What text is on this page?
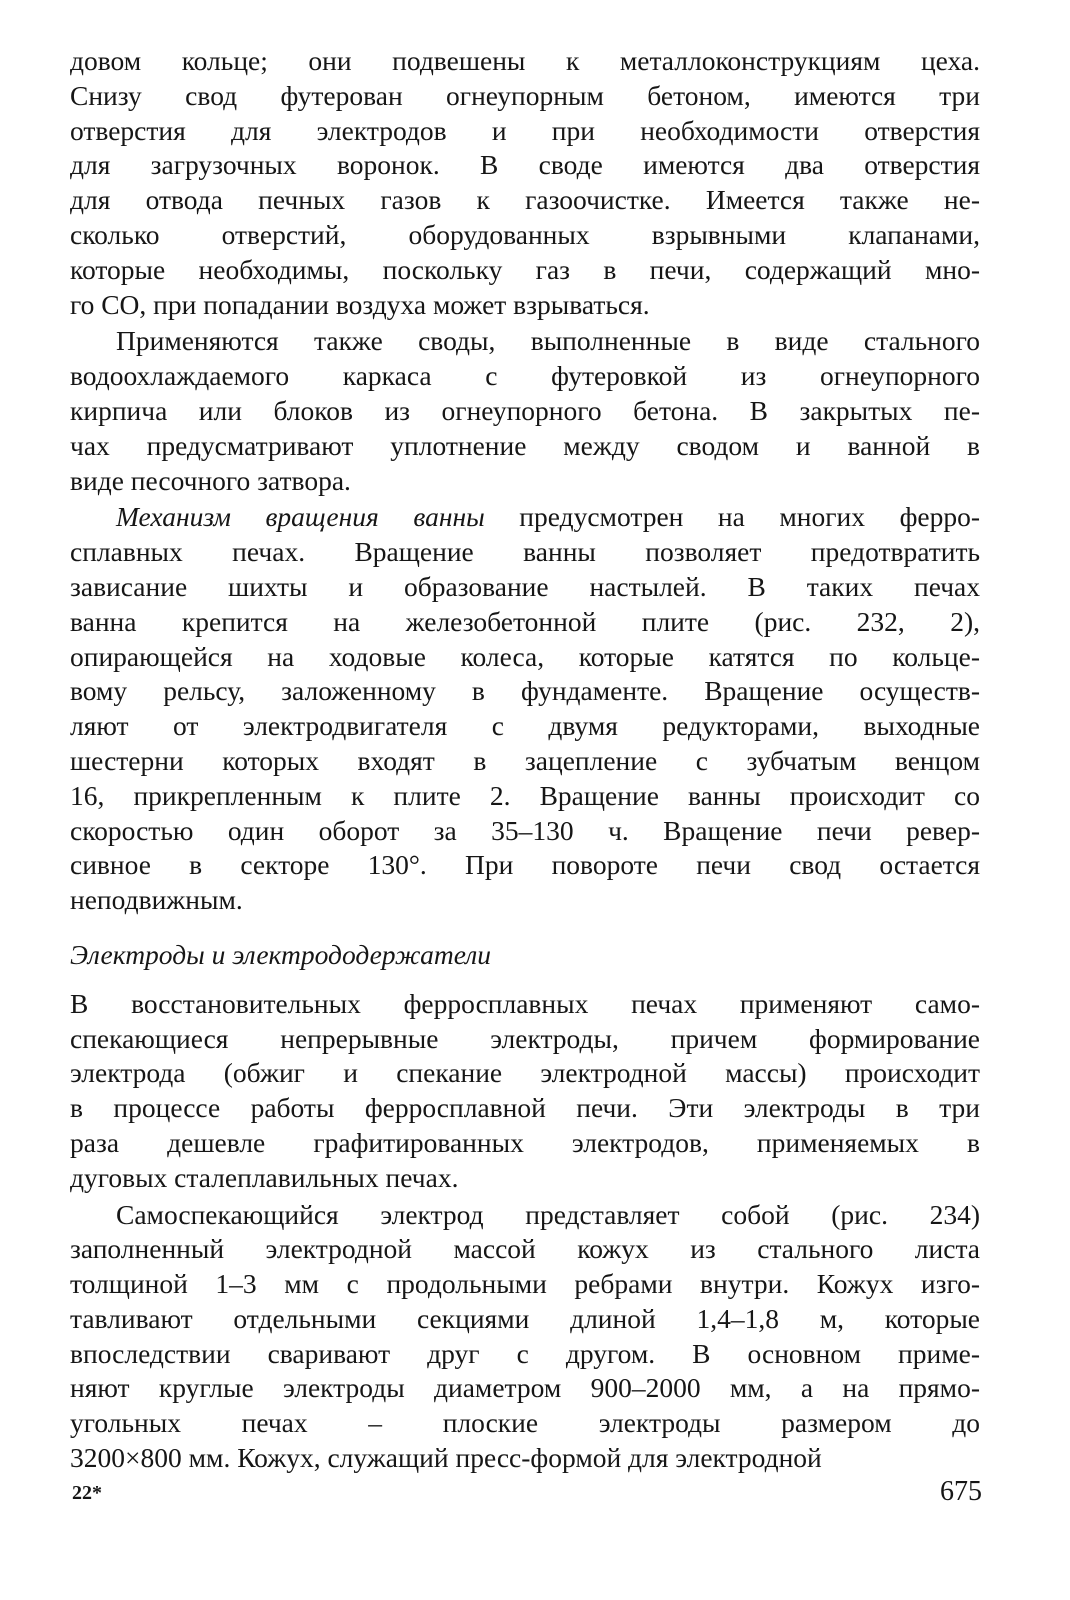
довом кольце; они подвешены к металлоконструкциям цеха.
Снизу свод футерован огнеупорным бетоном, имеются три
отверстия для электродов и при необходимости отверстия
для загрузочных воронок. В своде имеются два отверстия
для отвода печных газов к газоочистке. Имеется также не-
сколько отверстий, оборудованных взрывными клапанами,
которые необходимы, поскольку газ в печи, содержащий мно-
го СО, при попадании воздуха может взрываться.

Применяются также своды, выполненные в виде стального
водоохлаждаемого каркаса с футеровкой из огнеупорного
кирпича или блоков из огнеупорного бетона. В закрытых пе-
чах предусматривают уплотнение между сводом и ванной в
виде песочного затвора.

Механизм вращения ванны предусмотрен на многих ферро-
сплавных печах. Вращение ванны позволяет предотвратить
зависание шихты и образование настылей. В таких печах
ванна крепится на железобетонной плите (рис. 232, 2),
опирающейся на ходовые колеса, которые катятся по кольце-
вому рельсу, заложенному в фундаменте. Вращение осуществ-
ляют от электродвигателя с двумя редукторами, выходные
шестерни которых входят в зацепление с зубчатым венцом
16, прикрепленным к плите 2. Вращение ванны происходит со
скоростью один оборот за 35–130 ч. Вращение печи ревер-
сивное в секторе 130°. При повороте печи свод остается
неподвижным.

Электроды и электрододержатели

В восстановительных ферросплавных печах применяют само-
спекающиеся непрерывные электроды, причем формирование
электрода (обжиг и спекание электродной массы) происходит
в процессе работы ферросплавной печи. Эти электроды в три
раза дешевле графитированных электродов, применяемых в
дуговых сталеплавильных печах.

Самоспекающийся электрод представляет собой (рис. 234)
заполненный электродной массой кожух из стального листа
толщиной 1–3 мм с продольными ребрами внутри. Кожух изго-
тавливают отдельными секциями длиной 1,4–1,8 м, которые
впоследствии сваривают друг с другом. В основном приме-
няют круглые электроды диаметром 900–2000 мм, а на прямо-
угольных печах – плоские электроды размером до
3200×800 мм. Кожух, служащий пресс-формой для электродной

22*	675
